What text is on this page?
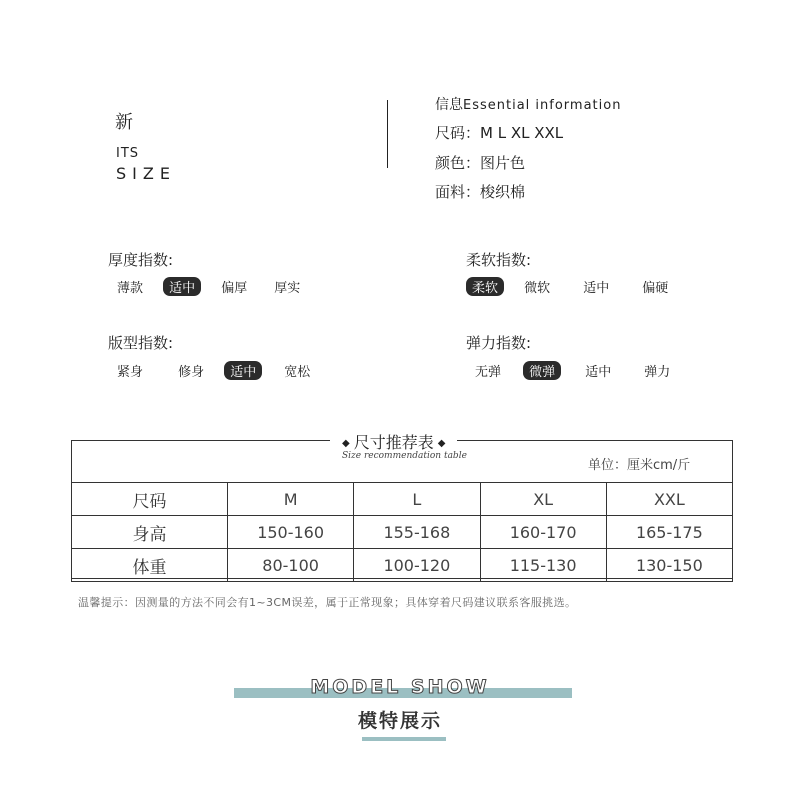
新
ITS
SIZE
信息Essential information
尺码：M L XL XXL
颜色：图片色
面料：梭织棉
厚度指数:
薄款 适中 偏厚 厚实
柔软指数:
柔软 微软	适中	偏硬
版型指数:
紧身	修身 适中 宽松
弹力指数:
无弹 微弹 适中	弹力
◆ 尺寸推荐表 ◆
Size recommendation table
单位：厘米cm/斤
尺码	M	L	XL	XXL
身高	150-160	155-168	160-170	165-175
体重	80-100	100-120	115-130	130-150
温馨提示：因测量的方法不同会有1~3CM误差，属于正常现象；具体穿着尺码建议联系客服挑选。
MODEL SHOW
模特展示
